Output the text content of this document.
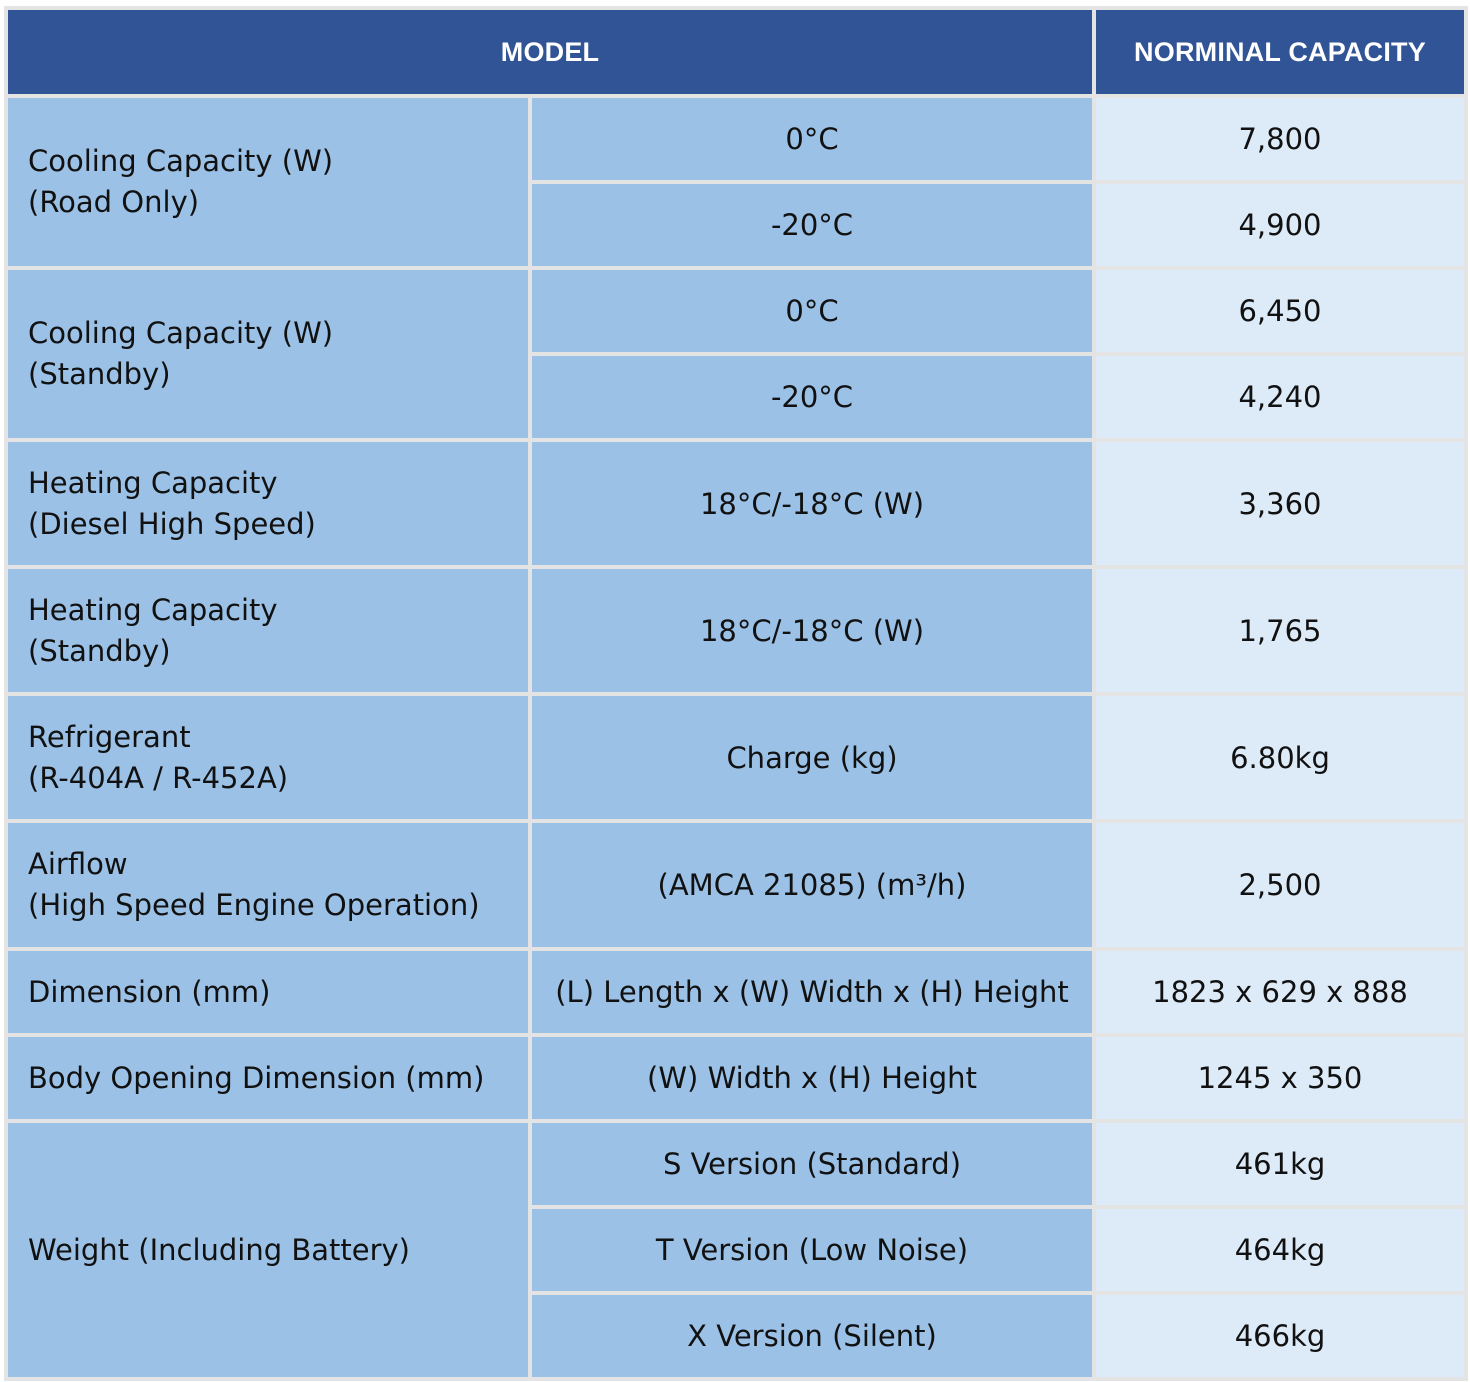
MODEL		NORMINAL CAPACITY

Cooling Capacity (W)
(Road Only)	0°C	7,800
	-20°C	4,900

Cooling Capacity (W)
(Standby)	0°C	6,450
	-20°C	4,240

Heating Capacity
(Diesel High Speed)	18°C/-18°C (W)	3,360

Heating Capacity
(Standby)	18°C/-18°C (W)	1,765

Refrigerant
(R-404A / R-452A)	Charge (kg)	6.80kg

Airflow
(High Speed Engine Operation)	(AMCA 21085) (m³/h)	2,500
Dimension (mm)	(L) Length x (W) Width x (H) Height	1823 x 629 x 888
Body Opening Dimension (mm)	(W) Width x (H) Height	1245 x 350
Weight (Including Battery)	S Version (Standard)	461kg
	T Version (Low Noise)	464kg
	X Version (Silent)	466kg
